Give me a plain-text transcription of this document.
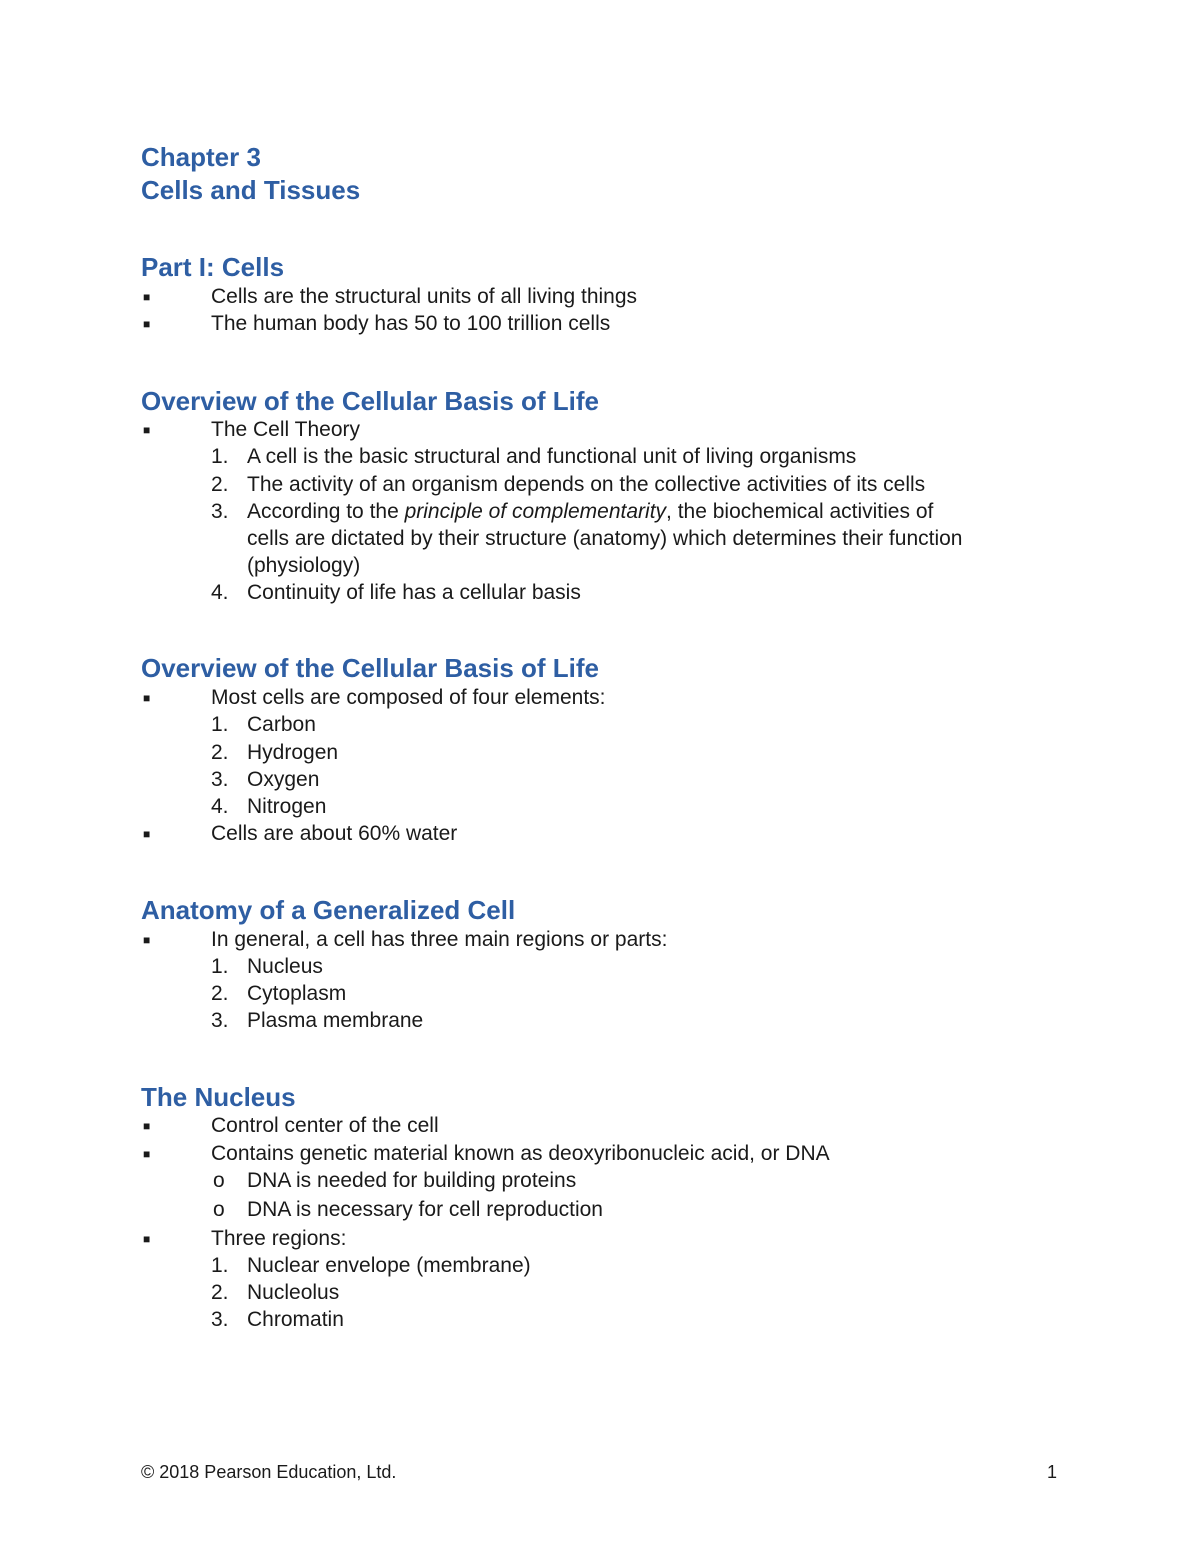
Chapter 3
Cells and Tissues
Part I: Cells
■	Cells are the structural units of all living things
■	The human body has 50 to 100 trillion cells
Overview of the Cellular Basis of Life
■	The Cell Theory
1. A cell is the basic structural and functional unit of living organisms
2. The activity of an organism depends on the collective activities of its cells
3. According to the principle of complementarity, the biochemical activities of
cells are dictated by their structure (anatomy) which determines their function
(physiology)
4. Continuity of life has a cellular basis
Overview of the Cellular Basis of Life
■	Most cells are composed of four elements:
1. Carbon
2. Hydrogen
3. Oxygen
4. Nitrogen
■	Cells are about 60% water
Anatomy of a Generalized Cell
■	In general, a cell has three main regions or parts:
1. Nucleus
2. Cytoplasm
3. Plasma membrane
The Nucleus
■	Control center of the cell
■	Contains genetic material known as deoxyribonucleic acid, or DNA
o DNA is needed for building proteins
o DNA is necessary for cell reproduction
■	Three regions:
1. Nuclear envelope (membrane)
2. Nucleolus
3. Chromatin
© 2018 Pearson Education, Ltd.	1
